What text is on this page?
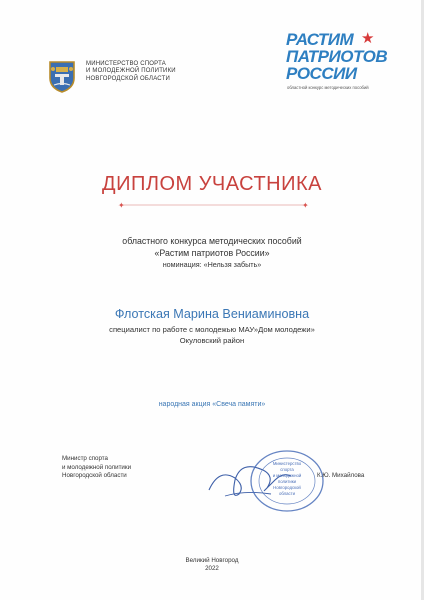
МИНИСТЕРСТВО СПОРТА
И МОЛОДЕЖНОЙ ПОЛИТИКИ
НОВГОРОДСКОЙ ОБЛАСТИ
РАСТИМ ★
ПАТРИОТОВ
РОССИИ
областной конкурс методических пособий
ДИПЛОМ УЧАСТНИКА
✦	✦
областного конкурса методических пособий
«Растим патриотов России»
номинация: «Нельзя забыть»
Флотская Марина Вениаминовна
специалист по работе с молодежью МАУ»Дом молодежи»
Окуловский район
народная акция «Свеча памяти»
Министр спорта
и молодежной политики
Новгородской области
Министерство
спорта
и молодежной
политики
Новгородской
области
К.Ю. Михайлова
Великий Новгород
2022
